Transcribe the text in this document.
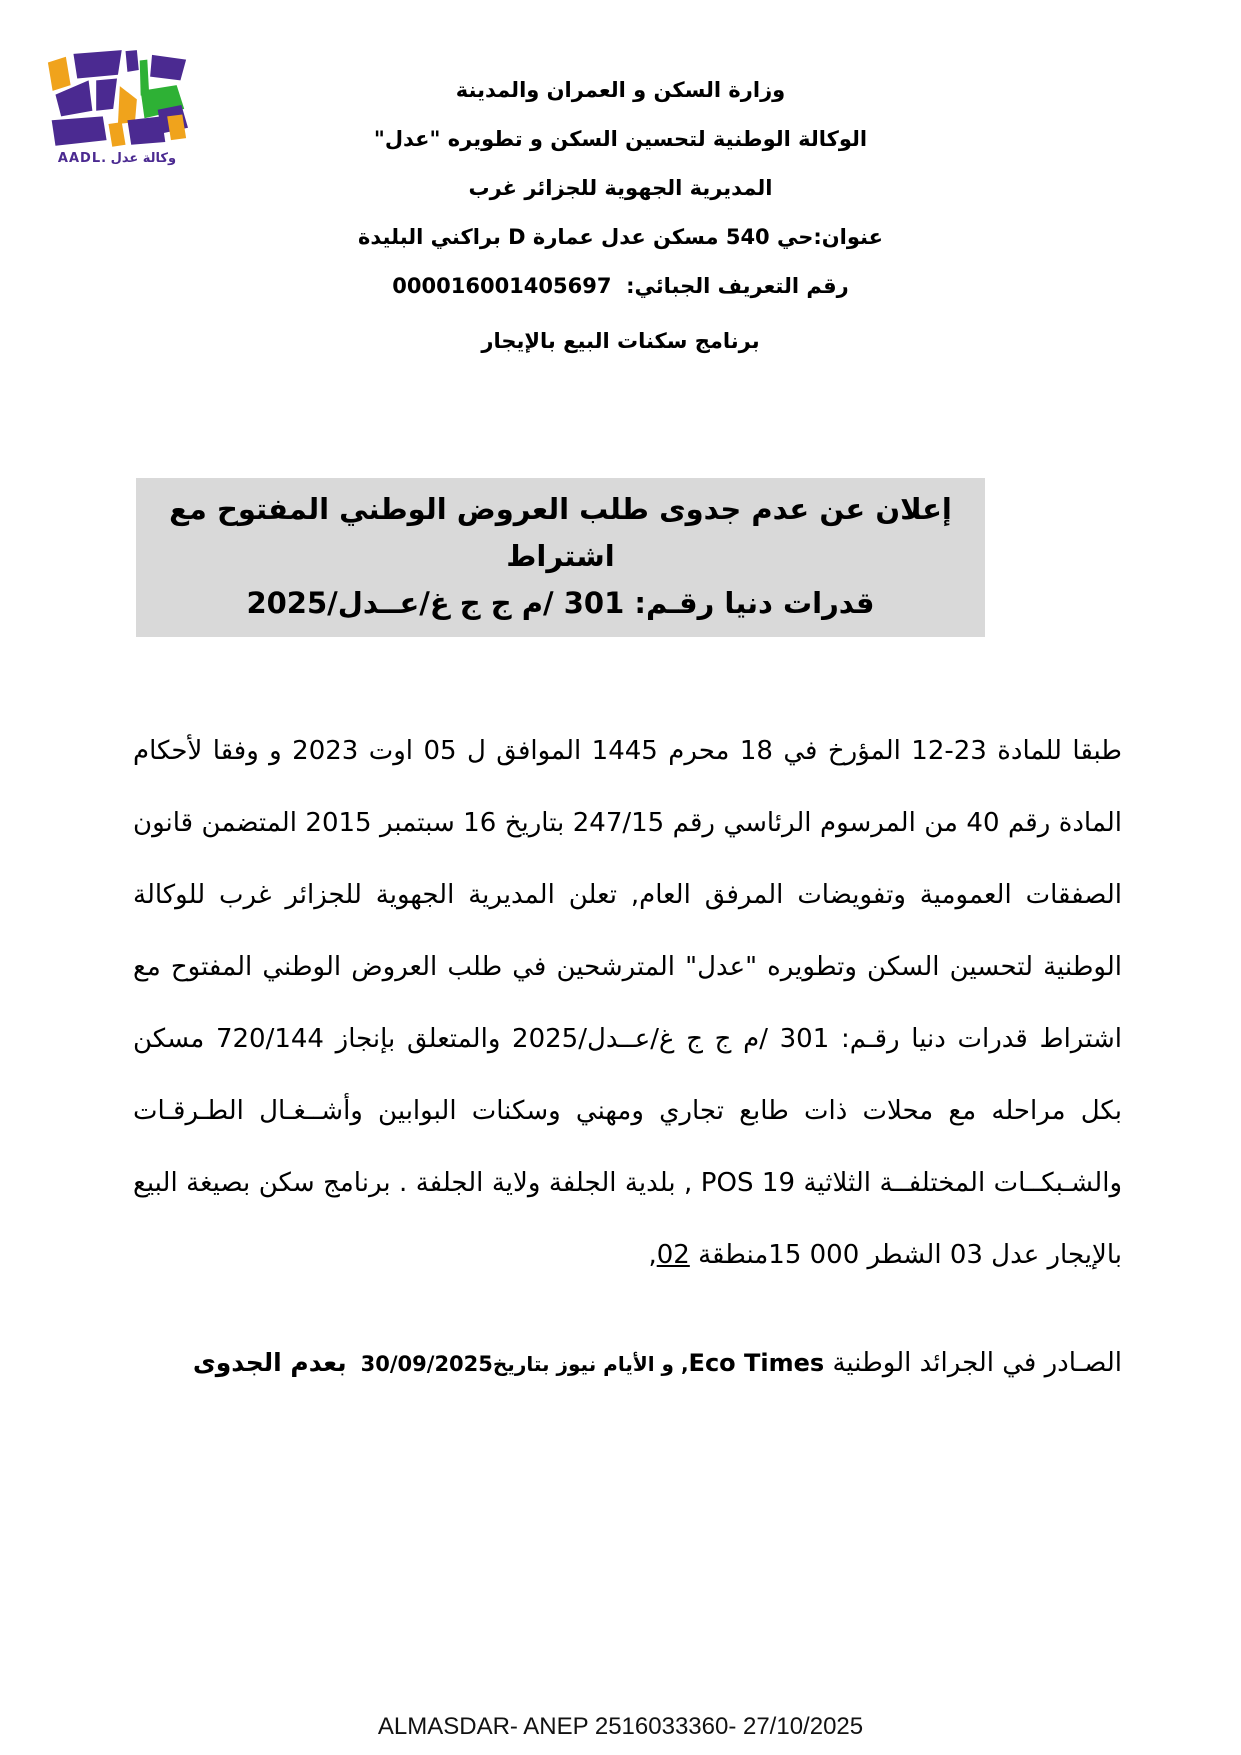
وكالة عدل .AADL
وزارة السكن و العمران والمدينة
الوكالة الوطنية لتحسين السكن و تطويره "عدل"
المديرية الجهوية للجزائر غرب
عنوان:حي 540 مسكن عدل عمارة D براكني البليدة
رقم التعريف الجبائي:  000016001405697
برنامج سكنات البيع بالإيجار
إعلان عن عدم جدوى طلب العروض الوطني المفتوح مع اشتراط
قدرات دنيا رقـم: 301 /م ج ج غ/عــدل/2025

طبقا للمادة 23-12 المؤرخ في 18 محرم 1445 الموافق ل 05 اوت 2023 و وفقا لأحكام المادة رقم 40 من المرسوم الرئاسي رقم 247/15 بتاريخ 16 سبتمبر 2015 المتضمن قانون الصفقات العمومية وتفويضات المرفق العام, تعلن المديرية الجهوية للجزائر غرب للوكالة الوطنية لتحسين السكن وتطويره "عدل" المترشحين في طلب العروض الوطني المفتوح مع اشتراط قدرات دنيا رقـم: 301 /م ج ج غ/عــدل/2025 والمتعلق بإنجاز 720/144 مسكن بكل مراحله مع محلات ذات طابع تجاري ومهني وسكنات البوابين وأشــغـال الطـرقـات والشـبكــات المختلفــة الثلاثية POS 19 , بلدية الجلفة ولاية الجلفة . برنامج سكن بصيغة البيع بالإيجار عدل 03 الشطر 000 15منطقة 02,

الصـادر في الجرائد الوطنية Eco Times, و الأيام نيوز بتاريخ30/09/2025بعدم الجدوى

ALMASDAR- ANEP 2516033360- 27/10/2025
